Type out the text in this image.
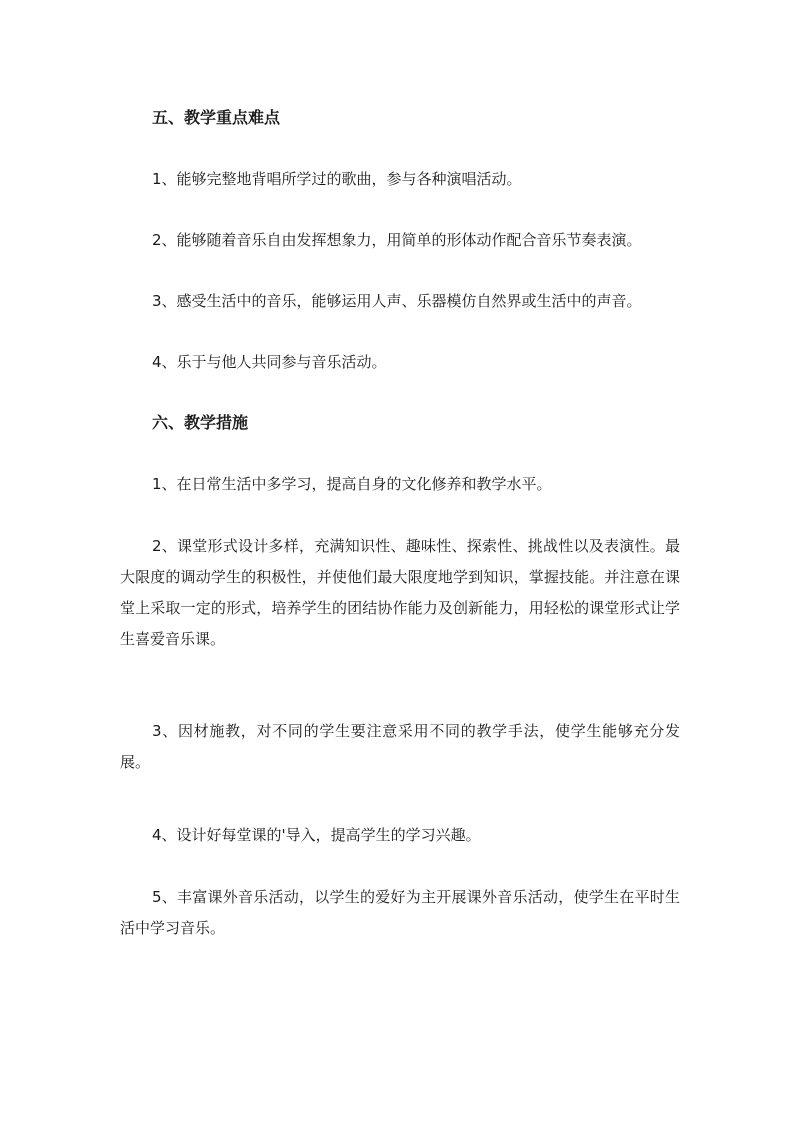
五、教学重点难点
1、能够完整地背唱所学过的歌曲，参与各种演唱活动。
2、能够随着音乐自由发挥想象力，用简单的形体动作配合音乐节奏表演。
3、感受生活中的音乐，能够运用人声、乐器模仿自然界或生活中的声音。
4、乐于与他人共同参与音乐活动。
六、教学措施
1、在日常生活中多学习，提高自身的文化修养和教学水平。
2、课堂形式设计多样，充满知识性、趣味性、探索性、挑战性以及表演性。最大限度的调动学生的积极性，并使他们最大限度地学到知识，掌握技能。并注意在课堂上采取一定的形式，培养学生的团结协作能力及创新能力，用轻松的课堂形式让学生喜爱音乐课。
3、因材施教，对不同的学生要注意采用不同的教学手法，使学生能够充分发展。
4、设计好每堂课的'导入，提高学生的学习兴趣。
5、丰富课外音乐活动，以学生的爱好为主开展课外音乐活动，使学生在平时生活中学习音乐。
